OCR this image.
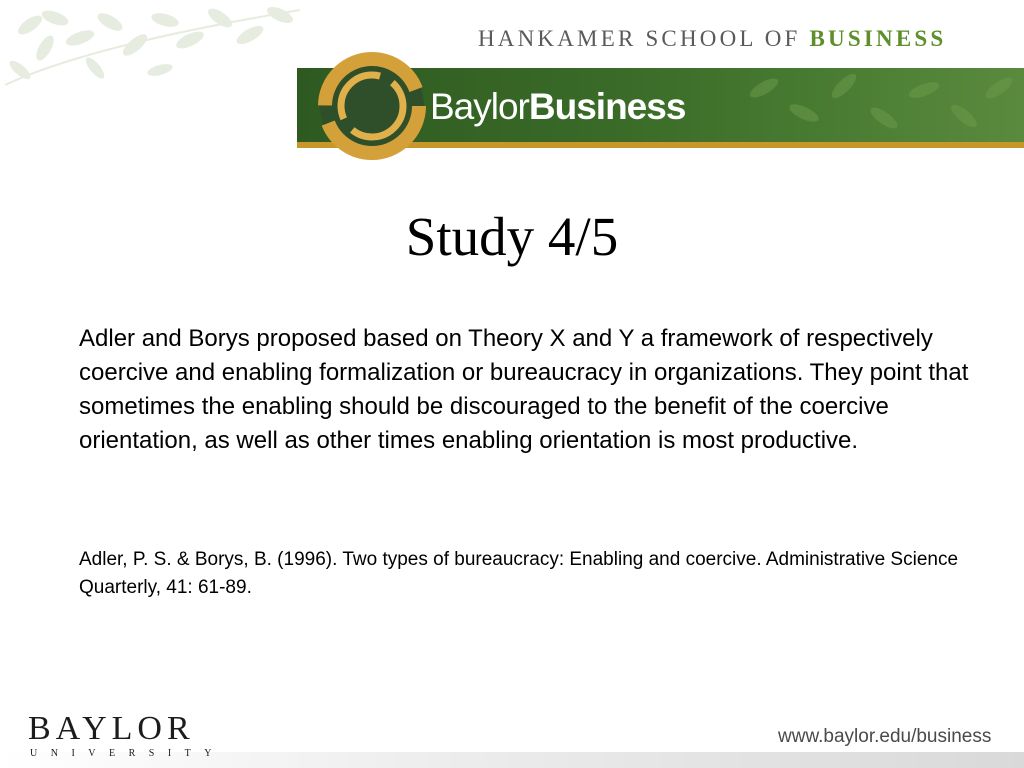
HANKAMER SCHOOL OF BUSINESS
BaylorBusiness
Study 4/5
Adler and Borys proposed based on Theory X and Y a framework of respectively coercive and enabling formalization or bureaucracy in organizations. They point that sometimes the enabling should be discouraged to the benefit of the coercive orientation, as well as other times enabling orientation is most productive.
Adler, P. S. & Borys, B. (1996). Two types of bureaucracy: Enabling and coercive. Administrative Science Quarterly, 41: 61-89.
BAYLOR
UNIVERSITY
www.baylor.edu/business
